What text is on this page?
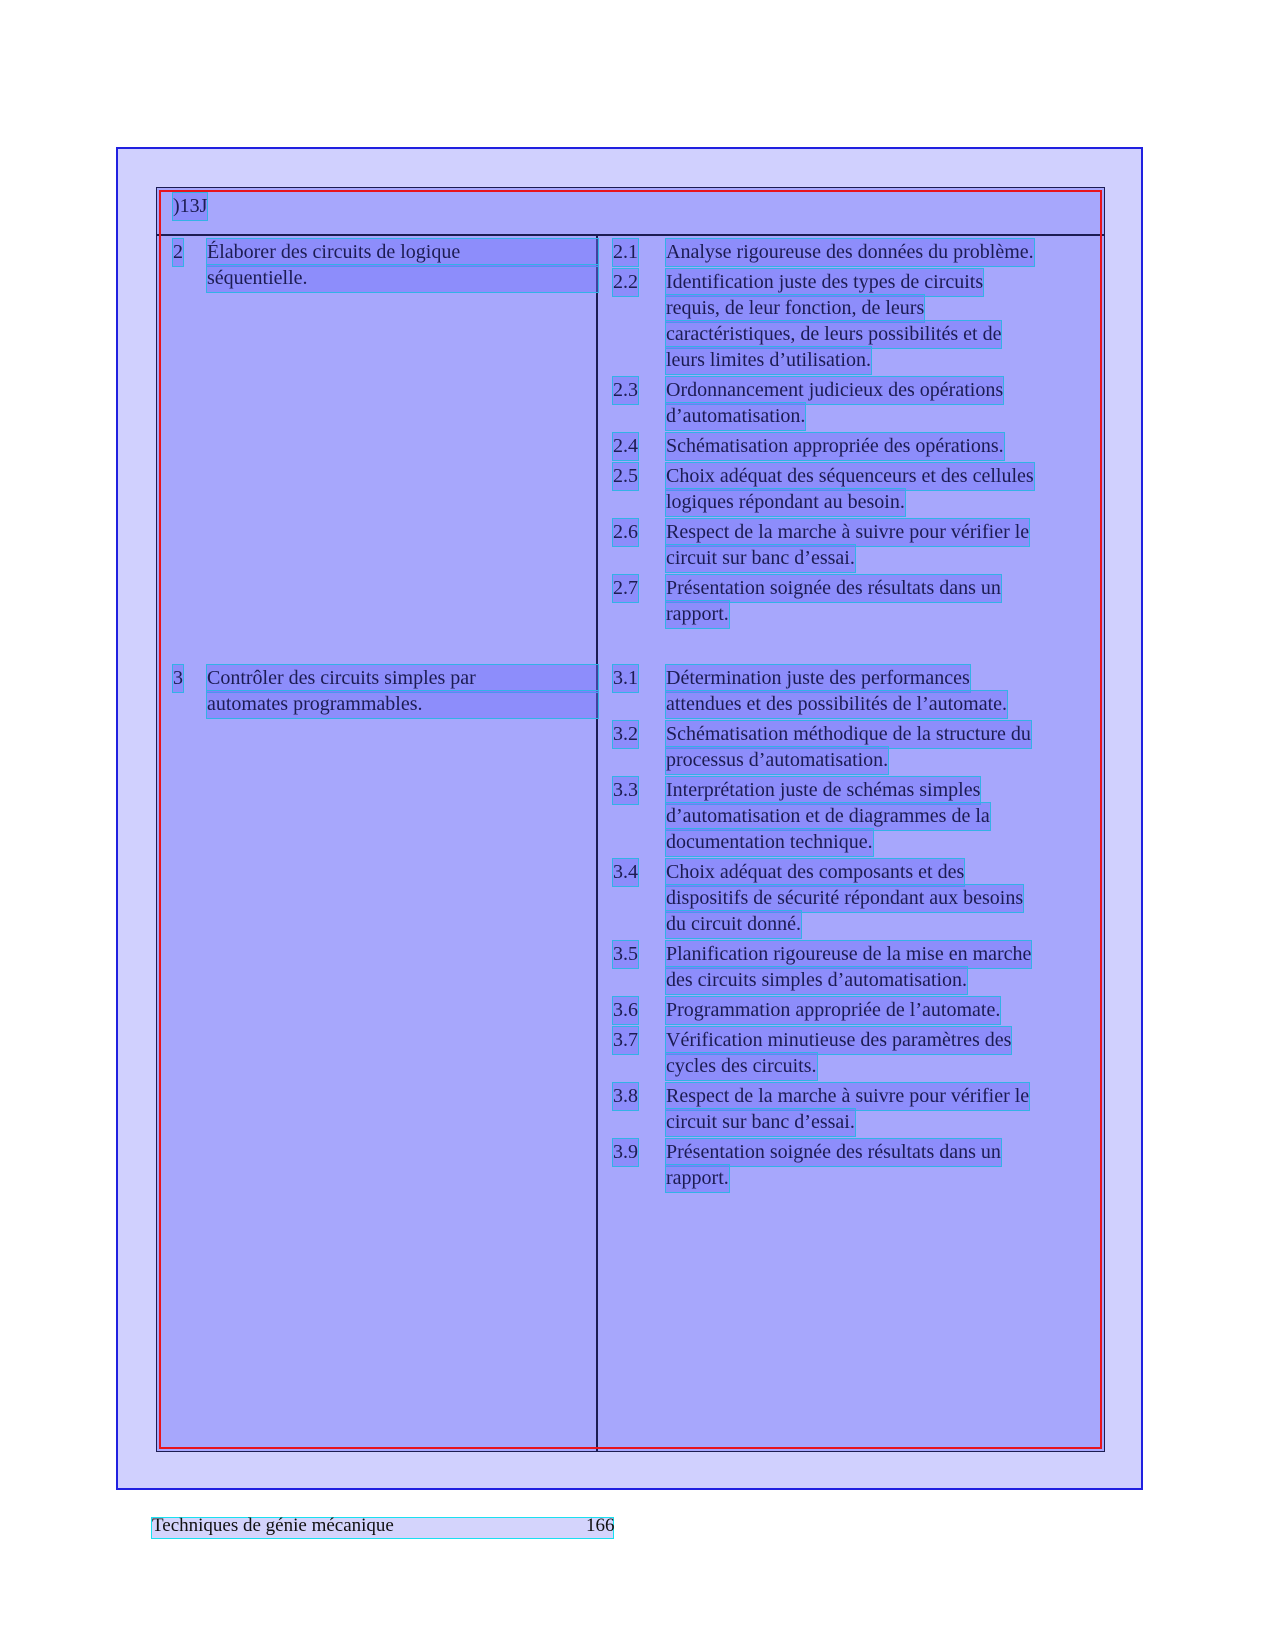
)13J
2 Élaborer des circuits de logique
séquentielle.
2.1 Analyse rigoureuse des données du problème.
2.2 Identification juste des types de circuits
requis, de leur fonction, de leurs
caractéristiques, de leurs possibilités et de
leurs limites d’utilisation.
2.3 Ordonnancement judicieux des opérations
d’automatisation.
2.4 Schématisation appropriée des opérations.
2.5 Choix adéquat des séquenceurs et des cellules
logiques répondant au besoin.
2.6 Respect de la marche à suivre pour vérifier le
circuit sur banc d’essai.
2.7 Présentation soignée des résultats dans un
rapport.
3 Contrôler des circuits simples par
automates programmables.
3.1 Détermination juste des performances
attendues et des possibilités de l’automate.
3.2 Schématisation méthodique de la structure du
processus d’automatisation.
3.3 Interprétation juste de schémas simples
d’automatisation et de diagrammes de la
documentation technique.
3.4 Choix adéquat des composants et des
dispositifs de sécurité répondant aux besoins
du circuit donné.
3.5 Planification rigoureuse de la mise en marche
des circuits simples d’automatisation.
3.6 Programmation appropriée de l’automate.
3.7 Vérification minutieuse des paramètres des
cycles des circuits.
3.8 Respect de la marche à suivre pour vérifier le
circuit sur banc d’essai.
3.9 Présentation soignée des résultats dans un
rapport.
Techniques de génie mécanique	166
